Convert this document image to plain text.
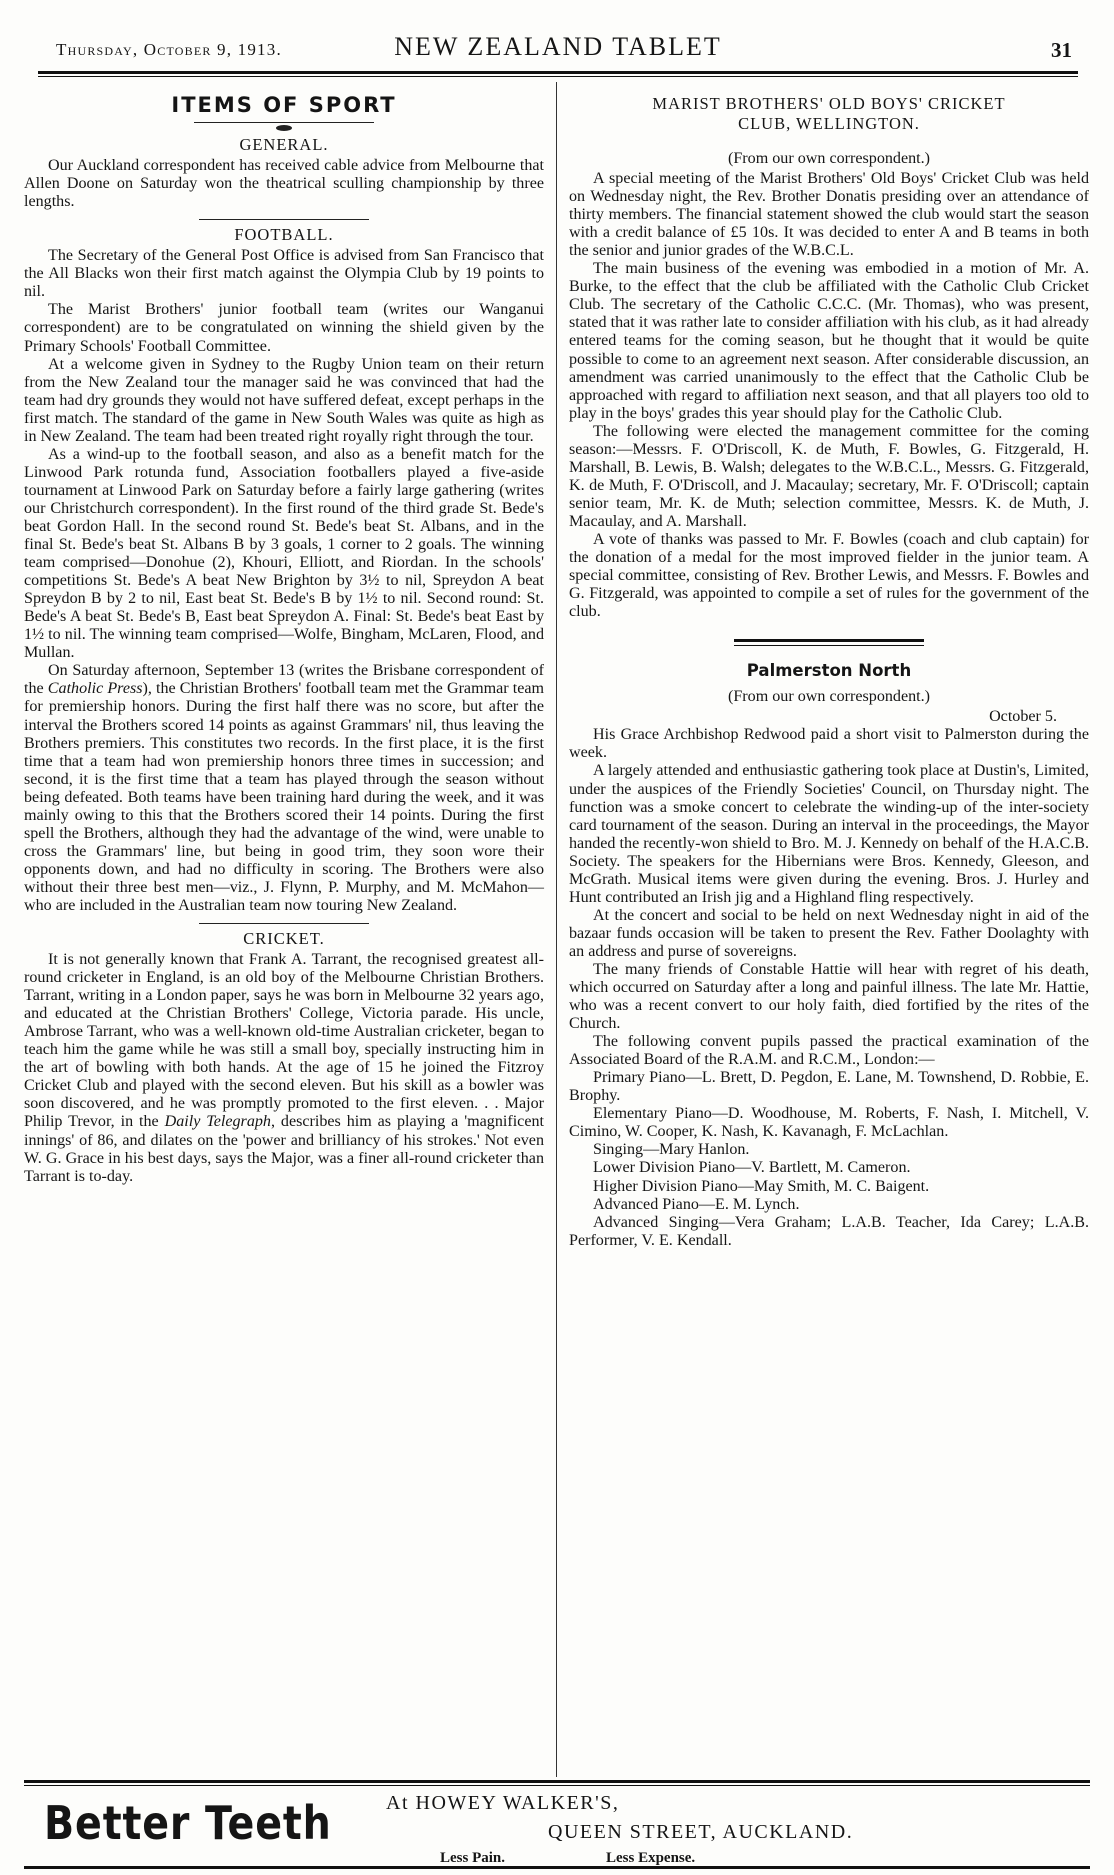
Thursday, October 9, 1913.	NEW ZEALAND TABLET	31
ITEMS OF SPORT
GENERAL.

Our Auckland correspondent has received cable advice from Melbourne that Allen Doone on Saturday won the theatrical sculling championship by three lengths.

FOOTBALL.

The Secretary of the General Post Office is advised from San Francisco that the All Blacks won their first match against the Olympia Club by 19 points to nil.

The Marist Brothers' junior football team (writes our Wanganui correspondent) are to be congratulated on winning the shield given by the Primary Schools' Football Committee.

At a welcome given in Sydney to the Rugby Union team on their return from the New Zealand tour the manager said he was convinced that had the team had dry grounds they would not have suffered defeat, except perhaps in the first match. The standard of the game in New South Wales was quite as high as in New Zealand. The team had been treated right royally right through the tour.

As a wind-up to the football season, and also as a benefit match for the Linwood Park rotunda fund, Association footballers played a five-aside tournament at Linwood Park on Saturday before a fairly large gathering (writes our Christchurch correspondent). In the first round of the third grade St. Bede's beat Gordon Hall. In the second round St. Bede's beat St. Albans, and in the final St. Bede's beat St. Albans B by 3 goals, 1 corner to 2 goals. The winning team comprised—Donohue (2), Khouri, Elliott, and Riordan. In the schools' competitions St. Bede's A beat New Brighton by 3½ to nil, Spreydon A beat Spreydon B by 2 to nil, East beat St. Bede's B by 1½ to nil. Second round: St. Bede's A beat St. Bede's B, East beat Spreydon A. Final: St. Bede's beat East by 1½ to nil. The winning team comprised—Wolfe, Bingham, McLaren, Flood, and Mullan.

On Saturday afternoon, September 13 (writes the Brisbane correspondent of the Catholic Press), the Christian Brothers' football team met the Grammar team for premiership honors. During the first half there was no score, but after the interval the Brothers scored 14 points as against Grammars' nil, thus leaving the Brothers premiers. This constitutes two records. In the first place, it is the first time that a team had won premiership honors three times in succession; and second, it is the first time that a team has played through the season without being defeated. Both teams have been training hard during the week, and it was mainly owing to this that the Brothers scored their 14 points. During the first spell the Brothers, although they had the advantage of the wind, were unable to cross the Grammars' line, but being in good trim, they soon wore their opponents down, and had no difficulty in scoring. The Brothers were also without their three best men—viz., J. Flynn, P. Murphy, and M. McMahon—who are included in the Australian team now touring New Zealand.

CRICKET.

It is not generally known that Frank A. Tarrant, the recognised greatest all-round cricketer in England, is an old boy of the Melbourne Christian Brothers. Tarrant, writing in a London paper, says he was born in Melbourne 32 years ago, and educated at the Christian Brothers' College, Victoria parade. His uncle, Ambrose Tarrant, who was a well-known old-time Australian cricketer, began to teach him the game while he was still a small boy, specially instructing him in the art of bowling with both hands. At the age of 15 he joined the Fitzroy Cricket Club and played with the second eleven. But his skill as a bowler was soon discovered, and he was promptly promoted to the first eleven. . . Major Philip Trevor, in the Daily Telegraph, describes him as playing a 'magnificent innings' of 86, and dilates on the 'power and brilliancy of his strokes.' Not even W. G. Grace in his best days, says the Major, was a finer all-round cricketer than Tarrant is to-day.

MARIST BROTHERS' OLD BOYS' CRICKET
CLUB, WELLINGTON.
(From our own correspondent.)

A special meeting of the Marist Brothers' Old Boys' Cricket Club was held on Wednesday night, the Rev. Brother Donatis presiding over an attendance of thirty members. The financial statement showed the club would start the season with a credit balance of £5 10s. It was decided to enter A and B teams in both the senior and junior grades of the W.B.C.L.

The main business of the evening was embodied in a motion of Mr. A. Burke, to the effect that the club be affiliated with the Catholic Club Cricket Club. The secretary of the Catholic C.C.C. (Mr. Thomas), who was present, stated that it was rather late to consider affiliation with his club, as it had already entered teams for the coming season, but he thought that it would be quite possible to come to an agreement next season. After considerable discussion, an amendment was carried unanimously to the effect that the Catholic Club be approached with regard to affiliation next season, and that all players too old to play in the boys' grades this year should play for the Catholic Club.

The following were elected the management committee for the coming season:—Messrs. F. O'Driscoll, K. de Muth, F. Bowles, G. Fitzgerald, H. Marshall, B. Lewis, B. Walsh; delegates to the W.B.C.L., Messrs. G. Fitzgerald, K. de Muth, F. O'Driscoll, and J. Macaulay; secretary, Mr. F. O'Driscoll; captain senior team, Mr. K. de Muth; selection committee, Messrs. K. de Muth, J. Macaulay, and A. Marshall.

A vote of thanks was passed to Mr. F. Bowles (coach and club captain) for the donation of a medal for the most improved fielder in the junior team. A special committee, consisting of Rev. Brother Lewis, and Messrs. F. Bowles and G. Fitzgerald, was appointed to compile a set of rules for the government of the club.

Palmerston North
(From our own correspondent.)
October 5.

His Grace Archbishop Redwood paid a short visit to Palmerston during the week.

A largely attended and enthusiastic gathering took place at Dustin's, Limited, under the auspices of the Friendly Societies' Council, on Thursday night. The function was a smoke concert to celebrate the winding-up of the inter-society card tournament of the season. During an interval in the proceedings, the Mayor handed the recently-won shield to Bro. M. J. Kennedy on behalf of the H.A.C.B. Society. The speakers for the Hibernians were Bros. Kennedy, Gleeson, and McGrath. Musical items were given during the evening. Bros. J. Hurley and Hunt contributed an Irish jig and a Highland fling respectively.

At the concert and social to be held on next Wednesday night in aid of the bazaar funds occasion will be taken to present the Rev. Father Doolaghty with an address and purse of sovereigns.

The many friends of Constable Hattie will hear with regret of his death, which occurred on Saturday after a long and painful illness. The late Mr. Hattie, who was a recent convert to our holy faith, died fortified by the rites of the Church.

The following convent pupils passed the practical examination of the Associated Board of the R.A.M. and R.C.M., London:—

Primary Piano—L. Brett, D. Pegdon, E. Lane, M. Townshend, D. Robbie, E. Brophy.

Elementary Piano—D. Woodhouse, M. Roberts, F. Nash, I. Mitchell, V. Cimino, W. Cooper, K. Nash, K. Kavanagh, F. McLachlan.

Singing—Mary Hanlon.

Lower Division Piano—V. Bartlett, M. Cameron.

Higher Division Piano—May Smith, M. C. Baigent.

Advanced Piano—E. M. Lynch.

Advanced Singing—Vera Graham; L.A.B. Teacher, Ida Carey; L.A.B. Performer, V. E. Kendall.

Better Teeth	At HOWEY WALKER'S,
QUEEN STREET, AUCKLAND.
Less Pain.	Less Expense.
